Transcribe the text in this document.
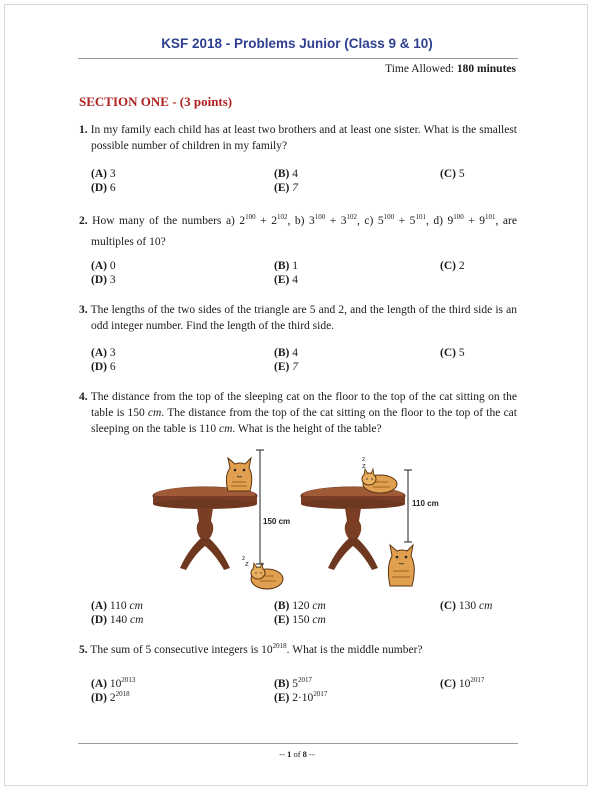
KSF 2018 - Problems Junior (Class 9 & 10)
Time Allowed: 180 minutes
SECTION ONE - (3 points)
1. In my family each child has at least two brothers and at least one sister. What is the smallest possible number of children in my family?
(A) 3	(B) 4	(C) 5
(D) 6	(E) 7
2. How many of the numbers a) $2^{100} + 2^{102}$, b) $3^{100} + 3^{102}$, c) $5^{100} + 5^{101}$, d) $9^{100} + 9^{101}$, are multiples of 10?
(A) 0	(B) 1	(C) 2
(D) 3	(E) 4
3. The lengths of the two sides of the triangle are 5 and 2, and the length of the third side is an odd integer number. Find the length of the third side.
(A) 3	(B) 4	(C) 5
(D) 6	(E) 7
4. The distance from the top of the sleeping cat on the floor to the top of the cat sitting on the table is 150 cm. The distance from the top of the cat sitting on the floor to the top of the cat sleeping on the table is 110 cm. What is the height of the table?
z
z
150 cm
z
z
110 cm
(A) 110 cm	(B) 120 cm	(C) 130 cm
(D) 140 cm	(E) 150 cm
5. The sum of 5 consecutive integers is $10^{2018}$. What is the middle number?
(A) $10^{2013}$	(B) $5^{2017}$	(C) $10^{2017}$
(D) $2^{2018}$	(E) $2\cdot 10^{2017}$
-- 1 of 8 --
